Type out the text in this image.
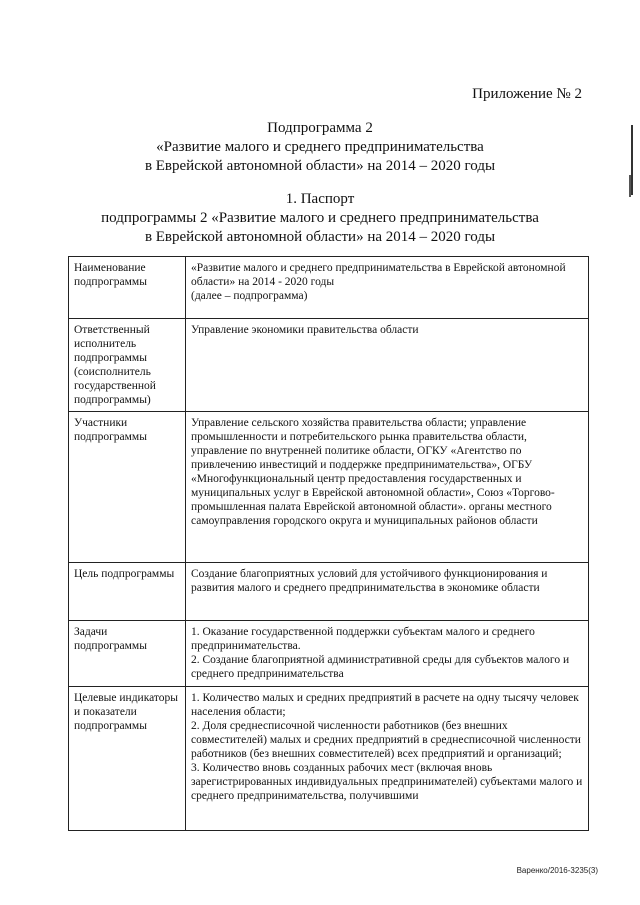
Приложение № 2
Подпрограмма 2
«Развитие малого и среднего предпринимательства
в Еврейской автономной области» на 2014 – 2020 годы
1. Паспорт
подпрограммы 2 «Развитие малого и среднего предпринимательства
в Еврейской автономной области» на 2014 – 2020 годы
Наименование подпрограммы	«Развитие малого и среднего предпринимательства в Еврейской автономной области» на 2014 - 2020 годы
(далее – подпрограмма)

Ответственный исполнитель подпрограммы (соисполнитель государственной подпрограммы)	Управление экономики правительства области

Участники подпрограммы	Управление сельского хозяйства правительства области; управление промышленности и потребительского рынка правительства области, управление по внутренней политике области, ОГКУ «Агентство по привлечению инвестиций и поддержке предпринимательства», ОГБУ «Многофункциональный центр предоставления государственных и муниципальных услуг в Еврейской автономной области», Союз «Торгово-промышленная палата Еврейской автономной области». органы местного самоуправления городского округа и муниципальных районов области

Цель подпрограммы	Создание благоприятных условий для устойчивого функционирования и развития малого и среднего предпринимательства в экономике области

Задачи подпрограммы	1. Оказание государственной поддержки субъектам малого и среднего предпринимательства.
2. Создание благоприятной административной среды для субъектов малого и среднего предпринимательства

Целевые индикаторы и показатели подпрограммы	1. Количество малых и средних предприятий в расчете на одну тысячу человек населения области;
2. Доля среднесписочной численности работников (без внешних совместителей) малых и средних предприятий в среднесписочной численности работников (без внешних совместителей) всех предприятий и организаций;
3. Количество вновь созданных рабочих мест (включая вновь зарегистрированных индивидуальных предпринимателей) субъектами малого и среднего предпринимательства, получившими
Варенко/2016-3235(3)
